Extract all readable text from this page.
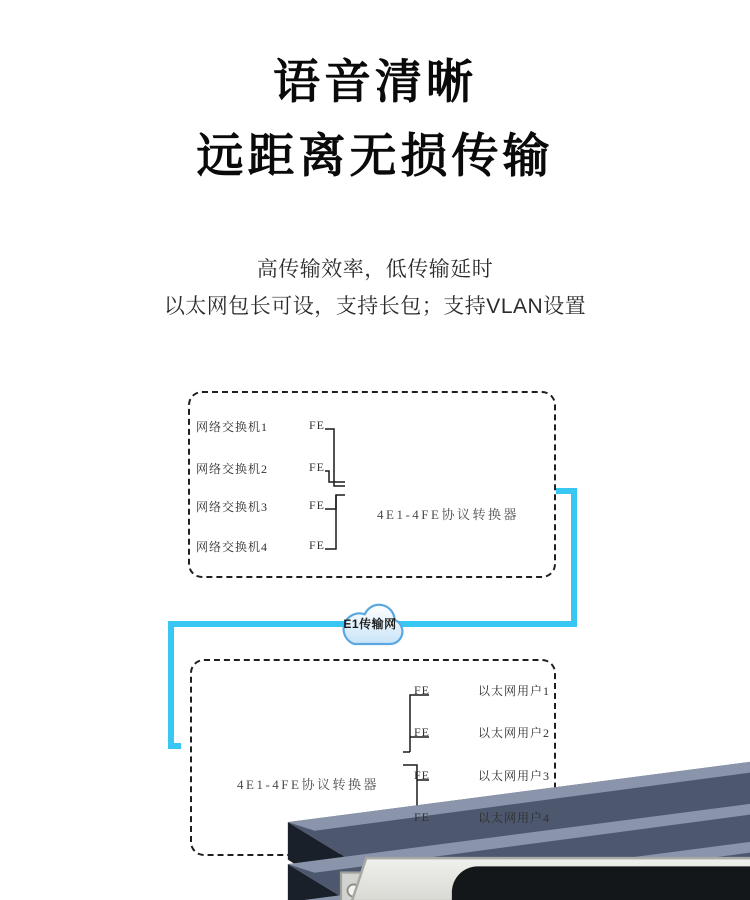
语音清晰
远距离无损传输
高传输效率，低传输延时
以太网包长可设，支持长包；支持VLAN设置
网络交换机1
网络交换机2
网络交换机3
网络交换机4
FE
FE
FE
FE
4E1-4FE协议转换器
E1传输网
4E1-4FE协议转换器
FE
FE
FE
FE
以太网用户1
以太网用户2
以太网用户3
以太网用户4
